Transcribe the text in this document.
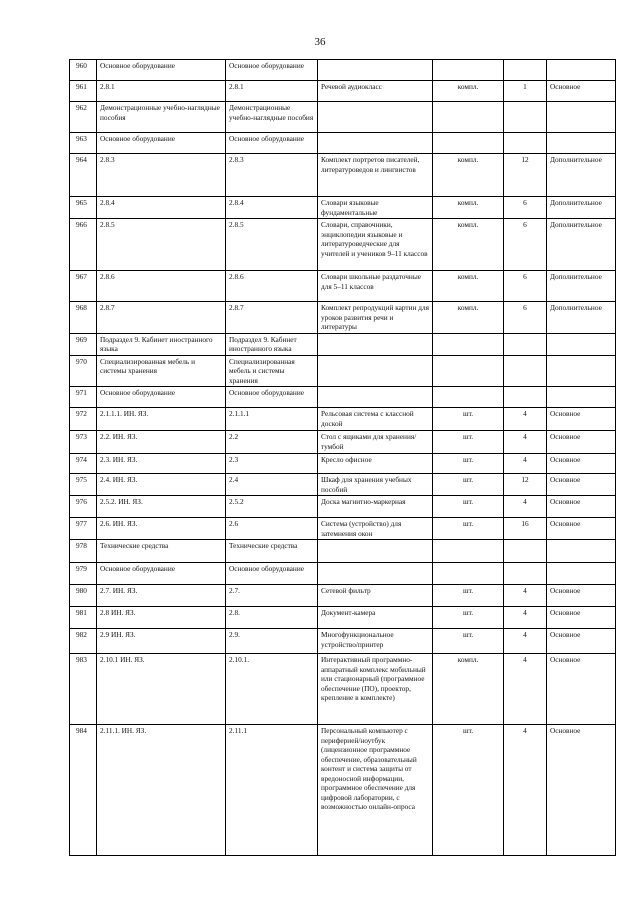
36
960	Основное оборудование	Основное оборудование				
961	2.8.1	2.8.1	Речевой аудиокласс	компл.	1	Основное
962	Демонстрационные учебно-наглядные пособия	Демонстрационные учебно-наглядные пособия				
963	Основное оборудование	Основное оборудование				
964	2.8.3	2.8.3	Комплект портретов писателей, литературоведов и лингвистов	компл.	12	Дополнительное
965	2.8.4	2.8.4	Словари языковые фундаментальные	компл.	6	Дополнительное
966	2.8.5	2.8.5	Словари, справочники, энциклопедии языковые и литературоведческие для учителей и учеников 9–11 классов	компл.	6	Дополнительное
967	2.8.6	2.8.6	Словари школьные раздаточные для 5–11 классов	компл.	6	Дополнительное
968	2.8.7	2.8.7	Комплект репродукций картин для уроков развития речи и литературы	компл.	6	Дополнительное
969	Подраздел 9. Кабинет иностранного языка	Подраздел 9. Кабинет иностранного языка				
970	Специализированная мебель и системы хранения	Специализированная мебель и системы хранения				
971	Основное оборудование	Основное оборудование				
972	2.1.1.1. ИН. ЯЗ.	2.1.1.1	Рельсовая система с классной доской	шт.	4	Основное
973	2.2. ИН. ЯЗ.	2.2	Стол с ящиками для хранения/тумбой	шт.	4	Основное
974	2.3. ИН. ЯЗ.	2.3	Кресло офисное	шт.	4	Основное
975	2.4. ИН. ЯЗ.	2.4	Шкаф для хранения учебных пособий	шт.	12	Основное
976	2.5.2. ИН. ЯЗ.	2.5.2	Доска магнитно-маркерная	шт.	4	Основное
977	2.6. ИН. ЯЗ.	2.6	Система (устройство) для затемнения окон	шт.	16	Основное
978	Технические средства	Технические средства				
979	Основное оборудование	Основное оборудование				
980	2.7. ИН. ЯЗ.	2.7.	Сетевой фильтр	шт.	4	Основное
981	2.8 ИН. ЯЗ.	2.8.	Документ-камера	шт.	4	Основное
982	2.9 ИН. ЯЗ.	2.9.	Многофункциональное устройство/принтер	шт.	4	Основное
983	2.10.1 ИН. ЯЗ.	2.10.1.	Интерактивный программно-аппаратный комплекс мобильный или стационарный (программное обеспечение (ПО), проектор, крепление в комплекте)	компл.	4	Основное
984	2.11.1. ИН. ЯЗ.	2.11.1	Персональный компьютер с периферией/ноутбук (лицензионное программное обеспечение, образовательный контент и система защиты от вредоносной информации, программное обеспечение для цифровой лаборатории, с возможностью онлайн-опроса	шт.	4	Основное
